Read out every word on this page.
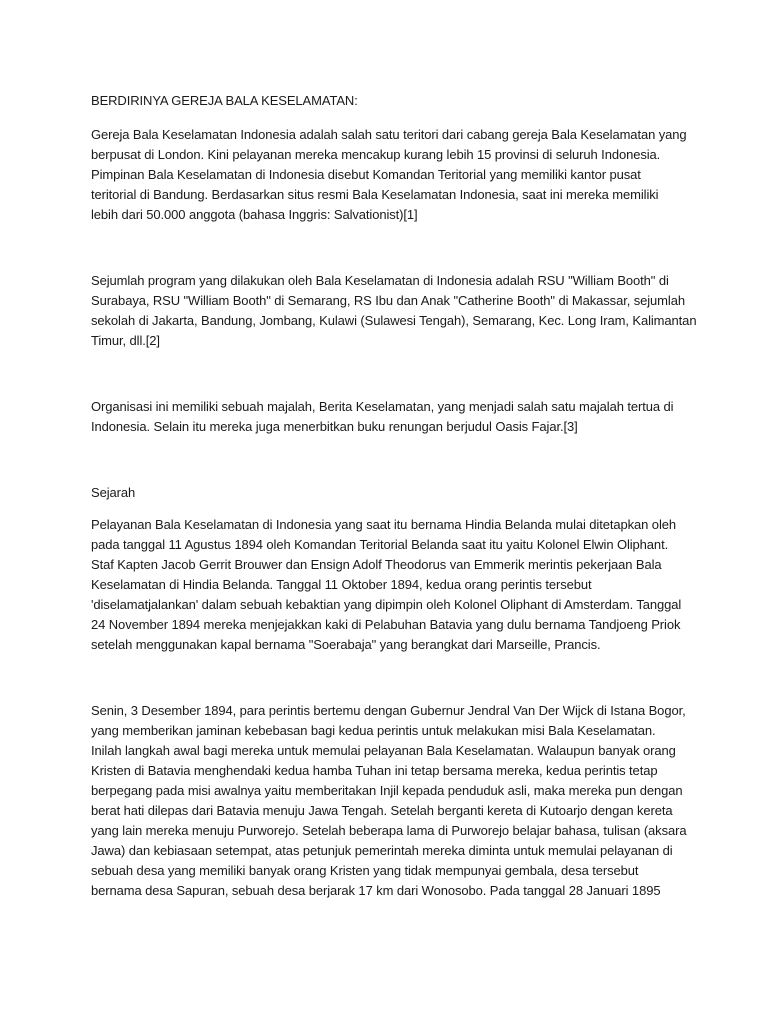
BERDIRINYA GEREJA BALA KESELAMATAN:
Gereja Bala Keselamatan Indonesia adalah salah satu teritori dari cabang gereja Bala Keselamatan yang
berpusat di London. Kini pelayanan mereka mencakup kurang lebih 15 provinsi di seluruh Indonesia.
Pimpinan Bala Keselamatan di Indonesia disebut Komandan Teritorial yang memiliki kantor pusat
teritorial di Bandung. Berdasarkan situs resmi Bala Keselamatan Indonesia, saat ini mereka memiliki
lebih dari 50.000 anggota (bahasa Inggris: Salvationist)[1]
Sejumlah program yang dilakukan oleh Bala Keselamatan di Indonesia adalah RSU "William Booth" di
Surabaya, RSU "William Booth" di Semarang, RS Ibu dan Anak "Catherine Booth" di Makassar, sejumlah
sekolah di Jakarta, Bandung, Jombang, Kulawi (Sulawesi Tengah), Semarang, Kec. Long Iram, Kalimantan
Timur, dll.[2]
Organisasi ini memiliki sebuah majalah, Berita Keselamatan, yang menjadi salah satu majalah tertua di
Indonesia. Selain itu mereka juga menerbitkan buku renungan berjudul Oasis Fajar.[3]
Sejarah
Pelayanan Bala Keselamatan di Indonesia yang saat itu bernama Hindia Belanda mulai ditetapkan oleh
pada tanggal 11 Agustus 1894 oleh Komandan Teritorial Belanda saat itu yaitu Kolonel Elwin Oliphant.
Staf Kapten Jacob Gerrit Brouwer dan Ensign Adolf Theodorus van Emmerik merintis pekerjaan Bala
Keselamatan di Hindia Belanda. Tanggal 11 Oktober 1894, kedua orang perintis tersebut
'diselamatjalankan' dalam sebuah kebaktian yang dipimpin oleh Kolonel Oliphant di Amsterdam. Tanggal
24 November 1894 mereka menjejakkan kaki di Pelabuhan Batavia yang dulu bernama Tandjoeng Priok
setelah menggunakan kapal bernama "Soerabaja" yang berangkat dari Marseille, Prancis.
Senin, 3 Desember 1894, para perintis bertemu dengan Gubernur Jendral Van Der Wijck di Istana Bogor,
yang memberikan jaminan kebebasan bagi kedua perintis untuk melakukan misi Bala Keselamatan.
Inilah langkah awal bagi mereka untuk memulai pelayanan Bala Keselamatan. Walaupun banyak orang
Kristen di Batavia menghendaki kedua hamba Tuhan ini tetap bersama mereka, kedua perintis tetap
berpegang pada misi awalnya yaitu memberitakan Injil kepada penduduk asli, maka mereka pun dengan
berat hati dilepas dari Batavia menuju Jawa Tengah. Setelah berganti kereta di Kutoarjo dengan kereta
yang lain mereka menuju Purworejo. Setelah beberapa lama di Purworejo belajar bahasa, tulisan (aksara
Jawa) dan kebiasaan setempat, atas petunjuk pemerintah mereka diminta untuk memulai pelayanan di
sebuah desa yang memiliki banyak orang Kristen yang tidak mempunyai gembala, desa tersebut
bernama desa Sapuran, sebuah desa berjarak 17 km dari Wonosobo. Pada tanggal 28 Januari 1895
